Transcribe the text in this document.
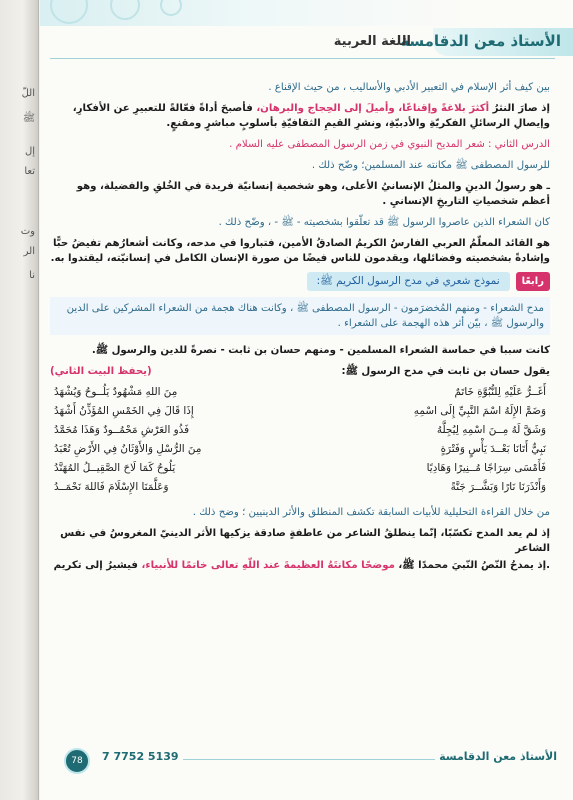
اللّ
ﷺ
إل
تعا
وت
الر
نا
الأستاذ معن الدقامسة
اللغة العربية

بين كيف أثر الإسلام في التعبير الأدبي والأساليب ، من حيث الإقناع .

إذ صارَ النثرُ أكثرَ بلاغةً وإقناعًا، وأميلَ إلى الحِجاج والبرهان، فأصبحَ أداةً فعّالةً للتعبيرِ عن الأفكارِ، وإيصالِ الرسائلِ الفكريّةِ والأدبيّةِ، ونشرِ القيمِ الثقافيّةِ بأسلوبٍ مباشرٍ ومقنعٍ.

الدرس الثاني : شعر المديح النبوي في زمن الرسول المصطفى عليه السلام .

للرسول المصطفى ﷺ مكانته عند المسلمين؛ وضّح ذلك .

ـ هو رسولُ الدينِ والمثلُ الإنسانيُ الأعلى، وهو شخصية إنسانيّة فريدة في الخُلقِ والفضيلة، وهو أعظم شخصياتِ التاريخِ الإنسانيِ .

كان الشعراء الذين عاصروا الرسول ﷺ قد تعلّقوا بشخصيته - ﷺ - ، وضّح ذلك .

هو القائد المعلّمُ العربي الفارسُ الكريمُ الصادقُ الأمين، فتباروا في مدحه، وكانت أشعارُهم تفيضُ حبًّا وإشادةً بشخصيته وفضائلها، ويقدمون للناس فيضًا من صورة الإنسان الكامل في إنسانيّته، ليقتدوا به.

رابعًا
نموذج شعري في مدح الرسول الكريم ﷺ:

مدح الشعراء - ومنهم المُخضرَمون - الرسول المصطفى ﷺ ، وكانت هناك هجمة من الشعراء المشركين على الدين والرسول ﷺ ، بيّن أثر هذه الهجمة على الشعراء .

كانت سببا في حماسة الشعراء المسلمين - ومنهم حسان بن ثابت - نصرةً للدين والرسول ﷺ.

يقول حسان بن ثابت في مدح الرسول ﷺ:
(يحفظ البيت الثاني)
أَغَــرُّ عَلَيْهِ لِلنُّبُوَّةِ خَاتَمٌ	مِنَ اللهِ مَشْهُودٌ يَلُــوحُ وَيُشْهَدُ
وَضَمَّ الإِلَهُ اسْمَ النَّبِيِّ إِلَى اسْمِهِ	إِذَا قَالَ فِي الخَمْسِ المُؤَذِّنُ أَشْهَدُ
وَشَقَّ لَهُ مِــنَ اسْمِهِ لِيُجِلَّهُ	فَذُو العَرْشِ مَحْمُــودٌ وَهَذَا مُحَمَّدُ
نَبِيٌّ أَتَانَا بَعْــدَ يَأْسٍ وَفَتْرَةٍ	مِنَ الرُّسْلِ وَالأَوْثَانُ فِي الأَرْضِ تُعْبَدُ
فَأَمْسَى سِرَاجًا مُــنِيرًا وَهَادِيًا	يَلُوحُ كَمَا لَاحَ الصَّقِيــلُ المُهَنَّدُ
وَأَنْذَرَنَا نَارًا وَبَشَّــرَ جَنَّةً	وَعَلَّمَنَا الإِسْلَامَ فَاللهَ نَحْمَــدُ

من خلال القراءة التحليلية للأبيات السابقة تكشف المنطلق والأثر الدينيين ؛ وضح ذلك .

إذ لم يعد المدح تكسّبًا، إنّما ينطلقُ الشاعر من عاطفةٍ صادقة يزكيها الأثر الدينيّ المغروسُ في نفس الشاعر

.إذ يمدحُ النّصُ النّبيَ محمدًا ﷺ، موضحًا مكانتَهُ العظيمةَ عند اللّهِ تعالى خاتمًا للأنبياء، فيشيرُ إلى تكريم

78	7 7752 5139	الأستاذ معن الدقامسة
